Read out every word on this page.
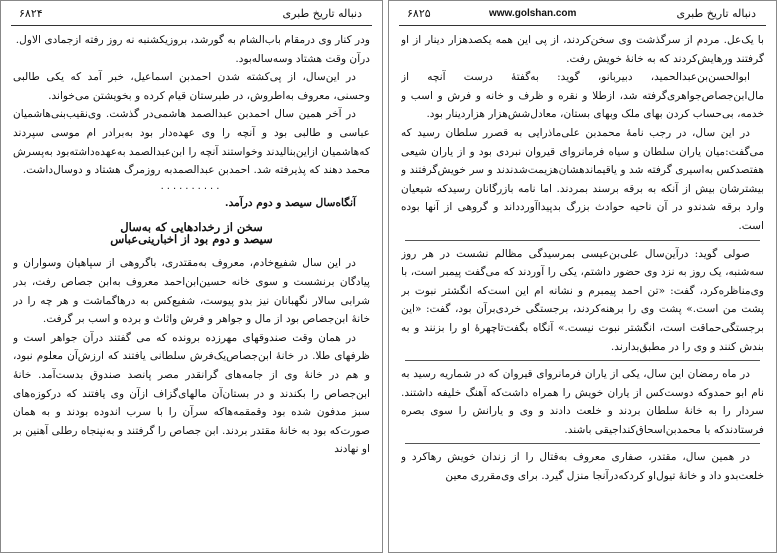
دنباله تاریخ طبری
۶۸۲۴

ودر کنار وی درمقام باب‌الشام به گورشد، بروزیکشنبه نه روز رفته ازجمادی الاول.

درآن وقت هشتاد وسه‌ساله‌بود.

در این‌سال، از پی‌کشته شدن احمدبن اسماعیل، خبر آمد که یکی طالبی وحسنی، معروف به‌اطروش، در طبرستان قیام کرده و بخویشتن می‌خواند.

در آخر همین سال احمدبن عبدالصمد هاشمی‌در گذشت. وی‌نقیب‌بنی‌هاشمیان عباسی و طالبی بود و آنچه را وی عهده‌دار بود به‌برادر ام موسی سپردند که‌هاشمیان ازاین‌بنالیدند وخواستند آنچه را ابن‌عبدالصمد به‌عهده‌داشته‌بود به‌پسرش محمد دهند که پذیرفته شد. احمدبن عبدالصمدبه روزمرگ هشتاد و دوسال‌داشت.

..........

آنگاه‌سال سیصد و دوم درآمد.

سخن از رخدادهایی که به‌سال

سیصد و دوم بود از اخبارینی‌عباس

در این سال شفیع‌خادم، معروف به‌مقتدری، باگروهی از سپاهیان وسواران و پیادگان برنشست و سوی خانه حسین‌ابن‌احمد معروف به‌ابن جصاص رفت، بدر شرابی سالار نگهبانان نیز بدو پیوست، شفیع‌کس به درهاگماشت و هر چه را در خانهٔ ابن‌جصاص بود از مال و جواهر و فرش واثاث و برده و اسب بر گرفت.

در همان وقت صندوقهای مهرزده برونده که می گفتند درآن جواهر است و ظرفهای طلا. در خانهٔ ابن‌جصاص‌یک‌فرش سلطانی یافتند که ارزش‌آن معلوم نبود، و هم در خانهٔ وی از جامه‌های گرانقدر مصر پانصد صندوق بدست‌آمد. خانهٔ ابن‌جصاص را بکندند و در بستان‌آن مالهای‌گزاف ازآن وی یافتند که درکوزه‌های سبز مدفون شده بود وقمقمه‌هاکه سرآن را با سرب اندوده بودند و به همان صورت‌که بود به خانهٔ مقتدر بردند. ابن جصاص را گرفتند و به‌نپنجاه رطلی آهنین بر او نهادند

دنباله تاریخ طبری
www.golshan.com
۶۸۲۵

با یک‌عل. مردم از سرگذشت وی سخن‌کردند، از پی‌ این همه یکصدهزار دینار از او گرفتند ورهایش‌کردند که به خانهٔ خویش رفت.

ابوالحسن‌بن‌عبدالحمید، دبیربانو، گوید: به‌گفتهٔ درست آنچه از مال‌ابن‌جصاص‌جواهری‌گرفته شد، ازطلا و نقره و ظرف و خانه و فرش و اسب و خدمه، بی‌حساب کردن بهای ملک وبهای بستان، معادل‌شش‌هزار هزاردینار بود.

در این سال، در رجب نامهٔ محمدبن علی‌ماذرایی به قصرر سلطان رسید که می‌گفت:میان یاران سلطان و سیاه فرمانروای قیروان نبردی بود و از یاران شیعی هفتصدکس به‌اسیری گرفته شد و یاقیماندهشان‌هزیمت‌شدندند و سر خویش‌گرفتند و بیشترشان بیش از آنکه به برقه برسند بمردند. اما نامه بازرگانان رسیدکه شیعیان وارد برقه شدندو در آن ناحیه حوادث بزرگ بدپیداآوردداند و گروهی از آنها بوده است.

صولی گوید: درآین‌سال علی‌بن‌عیسی بمرسیدگی مظالم نشست در هر روز سه‌شنبه، یک روز به نزد وی حضور داشتم، یکی را آوردند که می‌گفت پیمبر است، با وی‌مناظره‌کرد، گفت: «تن احمد پیمبرم و نشانه ام این است‌که انگشتر نبوت بر پشت من است.» پشت وی را برهنه‌کردند، برجستگی خردی‌برآن بود، گفت: «این برجستگی‌حماقت است، انگشتر نبوت نیست.» آنگاه بگفت‌تاچهرهٔ او را بزنند و به بندش کنند و وی را در مطبق‌بدارند.

در ماه رمضان این سال، یکی از یاران فرمانروای قیروان که در شماریه رسید به نام ابو حمدوکه دوست‌کس از یاران خویش را همراه داشت‌که آهنگ خلیفه داشتند. سردار را به خانهٔ سلطان بردند و خلعت دادند و وی و یارانش را سوی بصره فرستادندکه با محمدبن‌اسحاق‌کنداجیقی باشند.

در همین سال، مقتدر، صفاری معروف به‌قتال را از زندان خویش رهاکرد و خلعت‌بدو داد و خانهٔ‌ ‌تیول‌او کردکه‌درآنجا منزل گیرد. برای وی‌مقرری معین
